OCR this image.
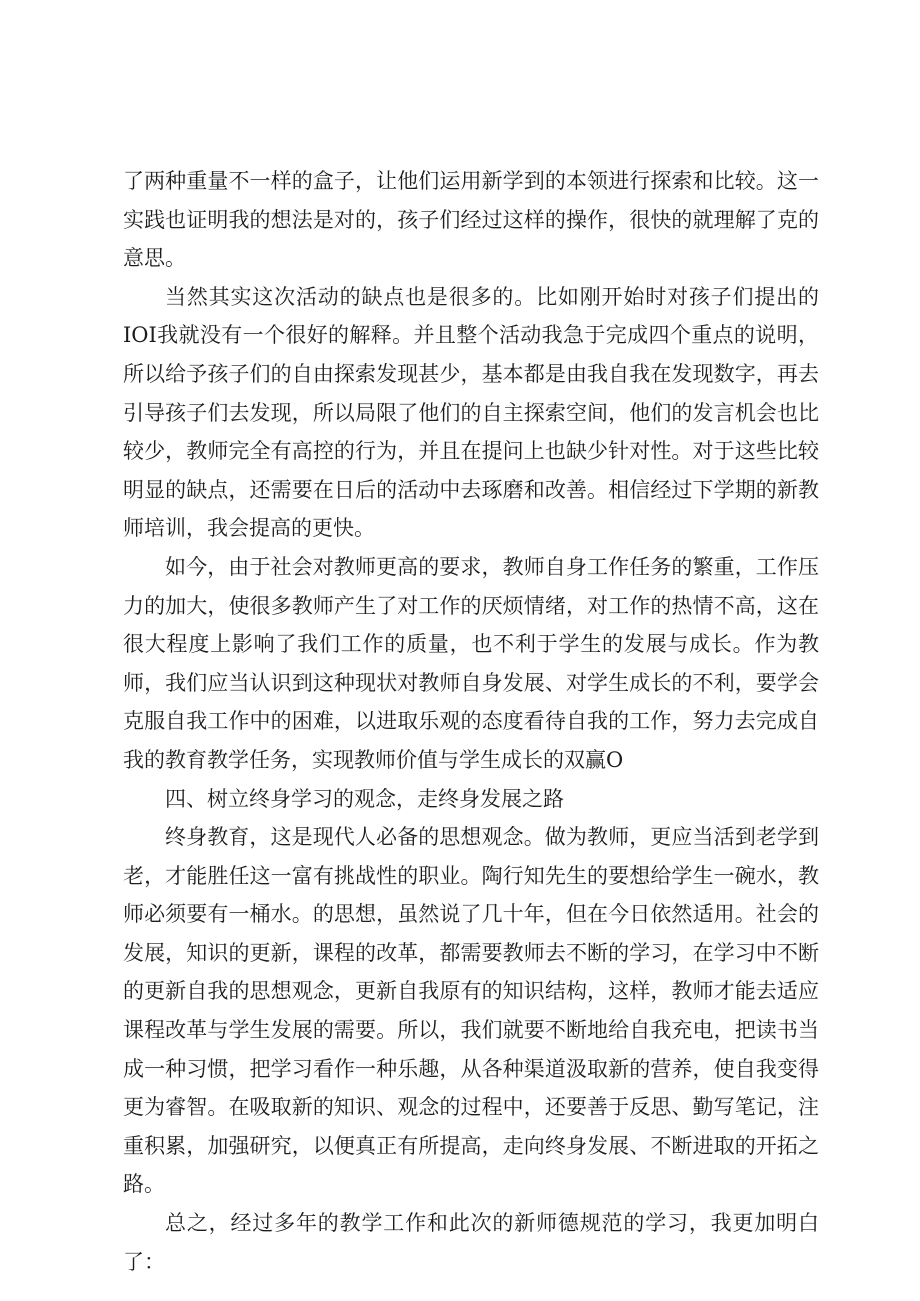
了两种重量不一样的盒子，让他们运用新学到的本领进行探索和比较。这一实践也证明我的想法是对的，孩子们经过这样的操作，很快的就理解了克的意思。

当然其实这次活动的缺点也是很多的。比如刚开始时对孩子们提出的IOI我就没有一个很好的解释。并且整个活动我急于完成四个重点的说明，所以给予孩子们的自由探索发现甚少，基本都是由我自我在发现数字，再去引导孩子们去发现，所以局限了他们的自主探索空间，他们的发言机会也比较少，教师完全有高控的行为，并且在提问上也缺少针对性。对于这些比较明显的缺点，还需要在日后的活动中去琢磨和改善。相信经过下学期的新教师培训，我会提高的更快。

如今，由于社会对教师更高的要求，教师自身工作任务的繁重，工作压力的加大，使很多教师产生了对工作的厌烦情绪，对工作的热情不高，这在很大程度上影响了我们工作的质量，也不利于学生的发展与成长。作为教师，我们应当认识到这种现状对教师自身发展、对学生成长的不利，要学会克服自我工作中的困难，以进取乐观的态度看待自我的工作，努力去完成自我的教育教学任务，实现教师价值与学生成长的双赢O

四、树立终身学习的观念，走终身发展之路

终身教育，这是现代人必备的思想观念。做为教师，更应当活到老学到老，才能胜任这一富有挑战性的职业。陶行知先生的要想给学生一碗水，教师必须要有一桶水。的思想，虽然说了几十年，但在今日依然适用。社会的发展，知识的更新，课程的改革，都需要教师去不断的学习，在学习中不断的更新自我的思想观念，更新自我原有的知识结构，这样，教师才能去适应课程改革与学生发展的需要。所以，我们就要不断地给自我充电，把读书当成一种习惯，把学习看作一种乐趣，从各种渠道汲取新的营养，使自我变得更为睿智。在吸取新的知识、观念的过程中，还要善于反思、勤写笔记，注重积累，加强研究，以便真正有所提高，走向终身发展、不断进取的开拓之路。

总之，经过多年的教学工作和此次的新师德规范的学习，我更加明白了：
